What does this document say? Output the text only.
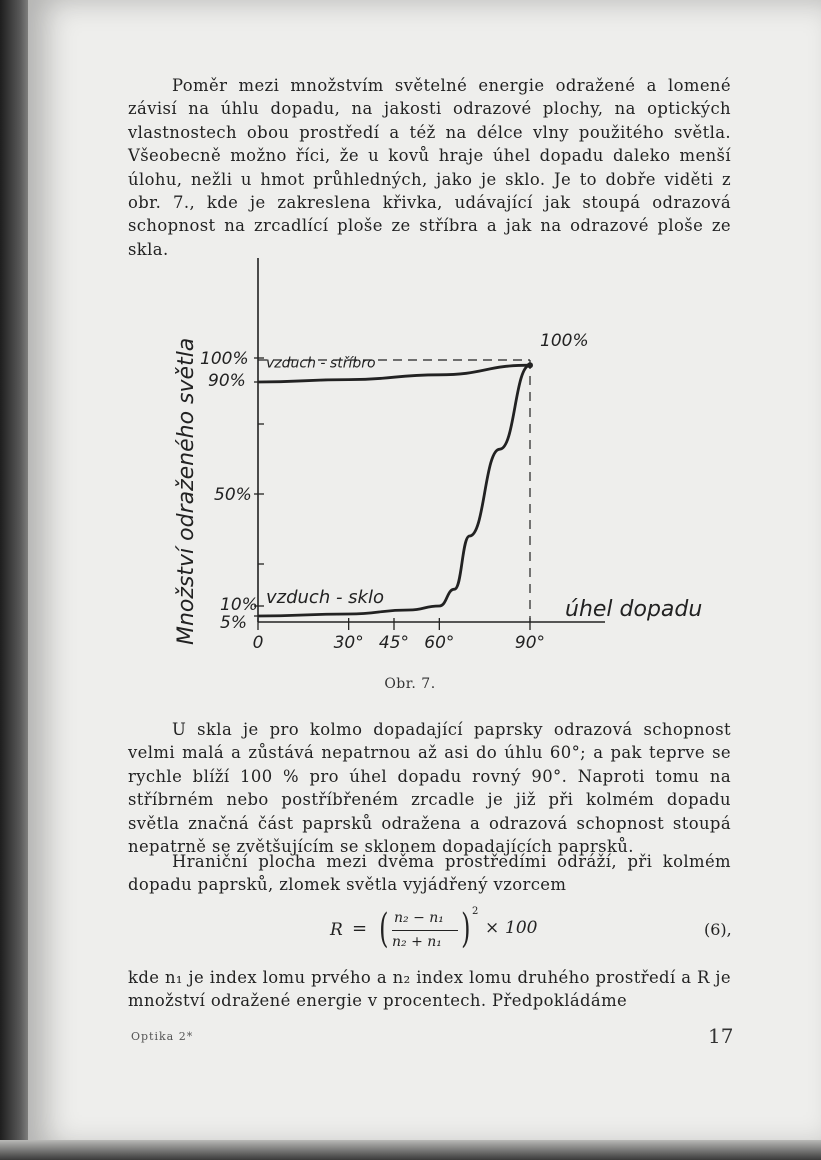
Poměr mezi množstvím světelné energie odražené a lomené závisí na úhlu dopadu, na jakosti odrazové plochy, na optických vlastnostech obou prostředí a též na délce vlny použitého světla. Všeobecně možno říci, že u kovů hraje úhel dopadu daleko menší úlohu, nežli u hmot průhledných, jako je sklo. Je to dobře viděti z obr. 7., kde je zakreslena křivka, udávající jak stoupá odrazová schopnost na zrcadlící ploše ze stříbra a jak na odrazové ploše ze skla.

100%
90%
50%
10%
5%
0	30° 45° 60°	90°
vzduch - stříbro
vzduch - sklo
100%
úhel dopadu
Množství odraženého světla
Obr. 7.

U skla je pro kolmo dopadající paprsky odrazová schopnost velmi malá a zůstává nepatrnou až asi do úhlu 60°; a pak teprve se rychle blíží 100 % pro úhel dopadu rovný 90°. Naproti tomu na stříbrném nebo postříbřeném zrcadle je již při kolmém dopadu světla značná část paprsků odražena a odrazová schopnost stoupá nepatrně se zvětšujícím se sklonem dopadajících paprsků.

Hraniční plocha mezi dvěma prostředími odráží, při kolmém dopadu paprsků, zlomek světla vyjádřený vzorcem

R = ( n₂ − n₁
n₂ + n₁ ) 2
× 100	(6),

kde n₁ je index lomu prvého a n₂ index lomu druhého prostředí a R je množství odražené energie v procentech. Předpokládáme

Optika 2*	17
